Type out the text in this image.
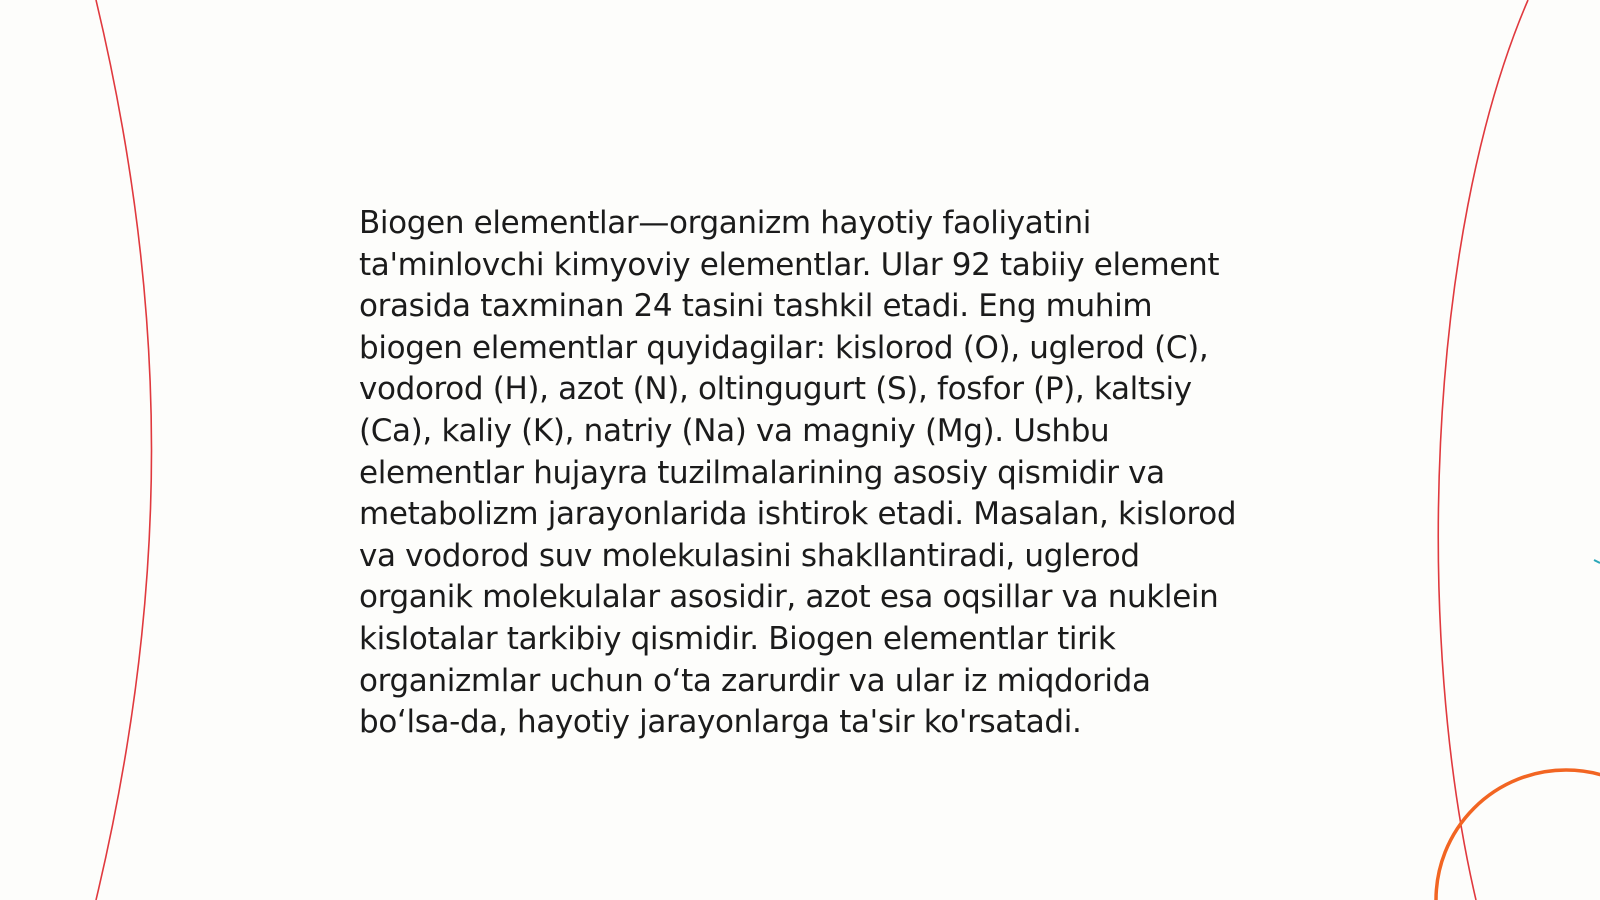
Biogen elementlar—organizm hayotiy faoliyatini ta'minlovchi kimyoviy elementlar. Ular 92 tabiiy element orasida taxminan 24 tasini tashkil etadi. Eng muhim biogen elementlar quyidagilar: kislorod (O), uglerod (C), vodorod (H), azot (N), oltingugurt (S), fosfor (P), kaltsiy (Ca), kaliy (K), natriy (Na) va magniy (Mg). Ushbu elementlar hujayra tuzilmalarining asosiy qismidir va metabolizm jarayonlarida ishtirok etadi. Masalan, kislorod va vodorod suv molekulasini shakllantiradi, uglerod organik molekulalar asosidir, azot esa oqsillar va nuklein kislotalar tarkibiy qismidir. Biogen elementlar tirik organizmlar uchun o‘ta zarurdir va ular iz miqdorida bo‘lsa-da, hayotiy jarayonlarga ta'sir ko'rsatadi.
